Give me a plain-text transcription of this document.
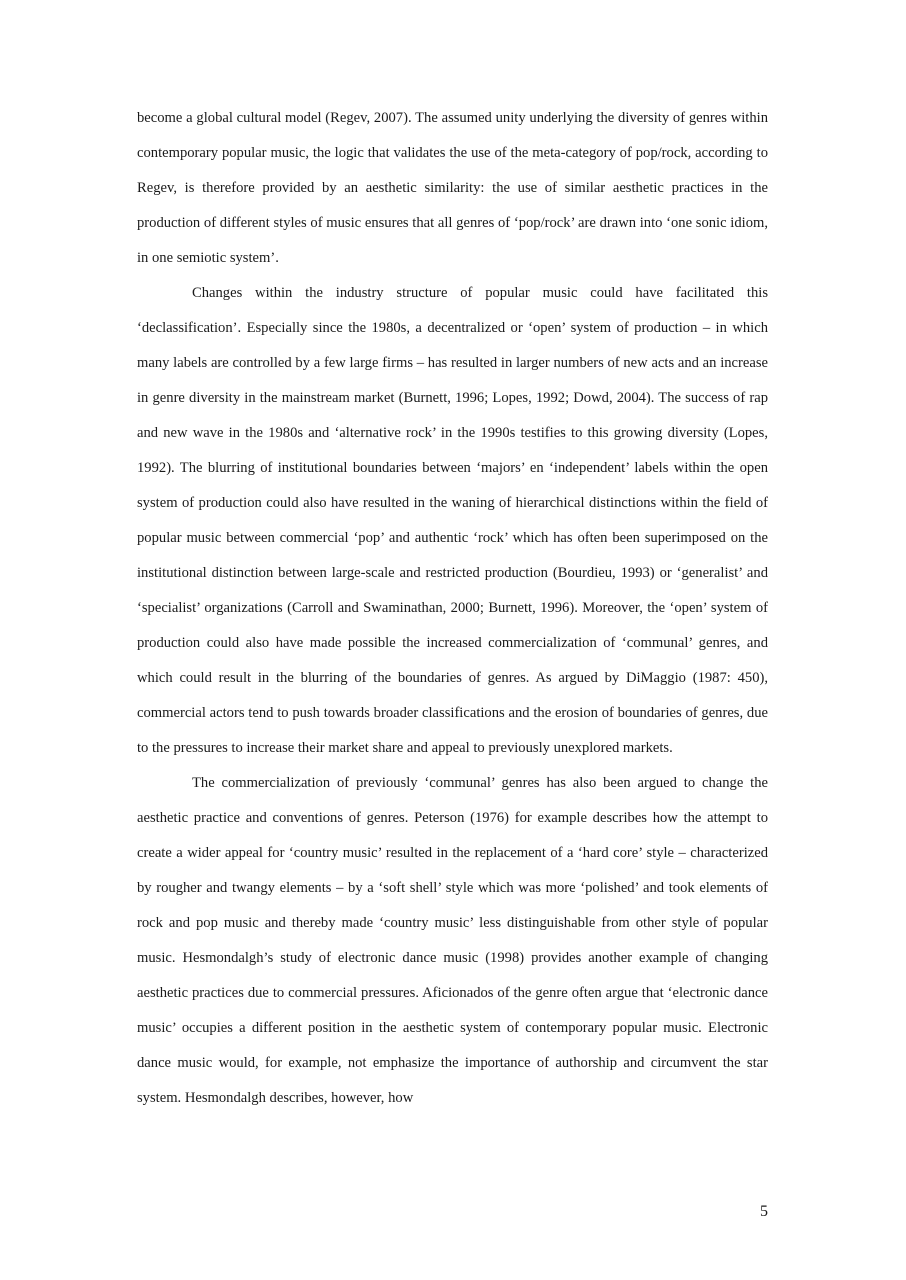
become a global cultural model (Regev, 2007). The assumed unity underlying the diversity of genres within contemporary popular music, the logic that validates the use of the meta-category of pop/rock, according to Regev, is therefore provided by an aesthetic similarity: the use of similar aesthetic practices in the production of different styles of music ensures that all genres of ‘pop/rock’ are drawn into ‘one sonic idiom, in one semiotic system’.

Changes within the industry structure of popular music could have facilitated this ‘declassification’. Especially since the 1980s, a decentralized or ‘open’ system of production – in which many labels are controlled by a few large firms – has resulted in larger numbers of new acts and an increase in genre diversity in the mainstream market (Burnett, 1996; Lopes, 1992; Dowd, 2004). The success of rap and new wave in the 1980s and ‘alternative rock’ in the 1990s testifies to this growing diversity (Lopes, 1992). The blurring of institutional boundaries between ‘majors’ en ‘independent’ labels within the open system of production could also have resulted in the waning of hierarchical distinctions within the field of popular music between commercial ‘pop’ and authentic ‘rock’ which has often been superimposed on the institutional distinction between large-scale and restricted production (Bourdieu, 1993) or ‘generalist’ and ‘specialist’ organizations (Carroll and Swaminathan, 2000; Burnett, 1996). Moreover, the ‘open’ system of production could also have made possible the increased commercialization of ‘communal’ genres, and which could result in the blurring of the boundaries of genres. As argued by DiMaggio (1987: 450), commercial actors tend to push towards broader classifications and the erosion of boundaries of genres, due to the pressures to increase their market share and appeal to previously unexplored markets.

The commercialization of previously ‘communal’ genres has also been argued to change the aesthetic practice and conventions of genres. Peterson (1976) for example describes how the attempt to create a wider appeal for ‘country music’ resulted in the replacement of a ‘hard core’ style – characterized by rougher and twangy elements – by a ‘soft shell’ style which was more ‘polished’ and took elements of rock and pop music and thereby made ‘country music’ less distinguishable from other style of popular music. Hesmondalgh’s study of electronic dance music (1998) provides another example of changing aesthetic practices due to commercial pressures. Aficionados of the genre often argue that ‘electronic dance music’ occupies a different position in the aesthetic system of contemporary popular music. Electronic dance music would, for example, not emphasize the importance of authorship and circumvent the star system. Hesmondalgh describes, however, how

5
